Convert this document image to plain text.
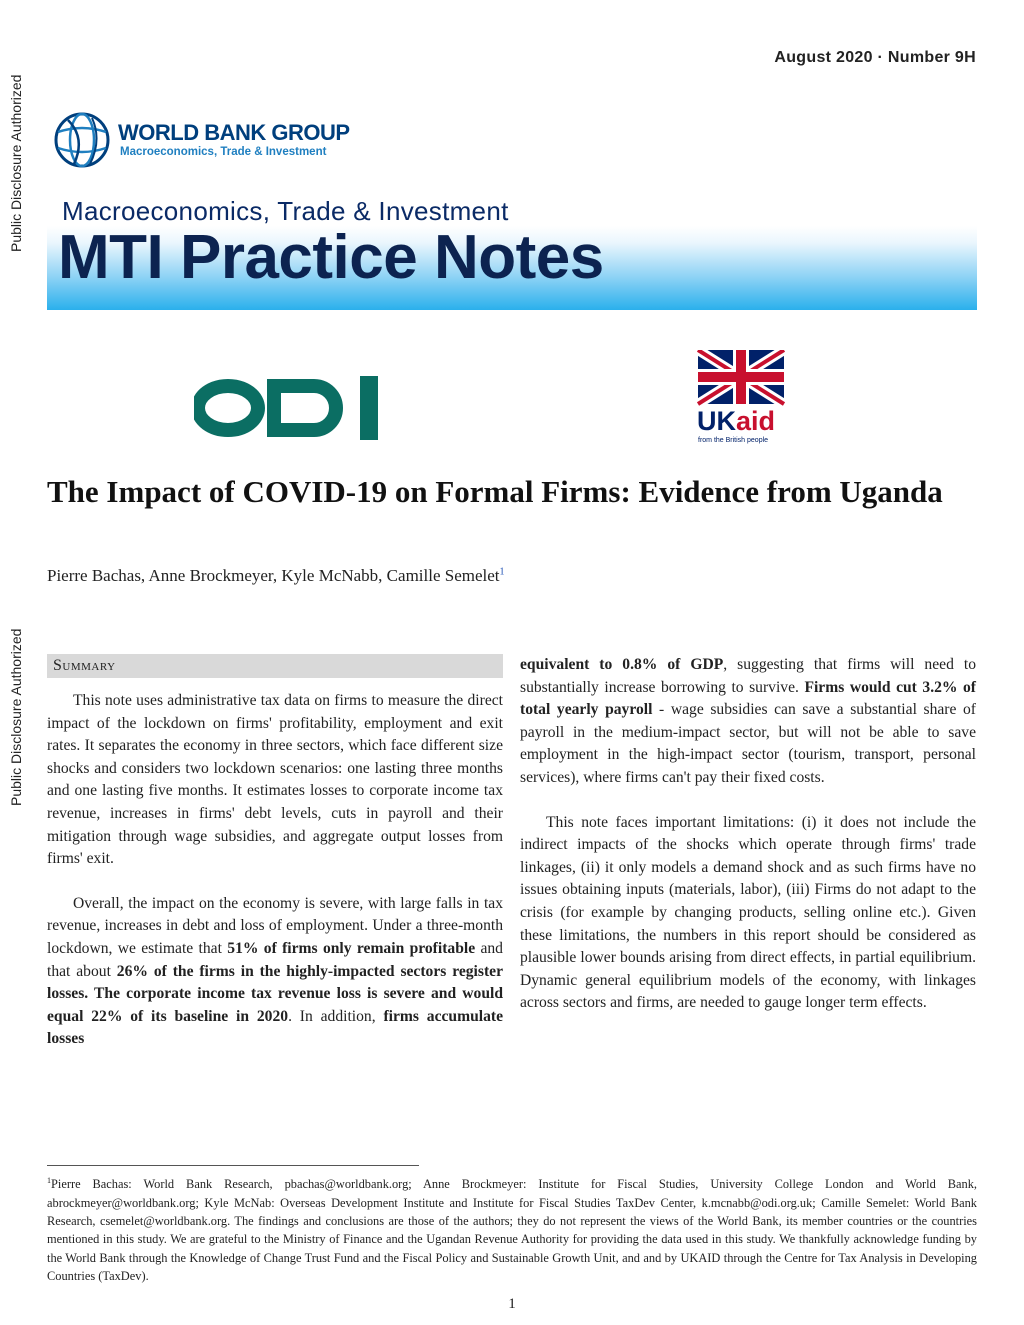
Public Disclosure Authorized
Public Disclosure Authorized
August 2020 · Number 9H
WORLD BANK GROUP
Macroeconomics, Trade & Investment
Macroeconomics, Trade & Investment
MTI Practice Notes
UK aid
from the British people
The Impact of COVID-19 on Formal Firms: Evidence from Uganda
Pierre Bachas, Anne Brockmeyer, Kyle McNabb, Camille Semelet$^1$
Summary

This note uses administrative tax data on firms to measure the direct impact of the lockdown on firms' profitability, employment and exit rates. It separates the economy in three sectors, which face different size shocks and considers two lockdown scenarios: one lasting three months and one lasting five months. It estimates losses to corporate income tax revenue, increases in firms' debt levels, cuts in payroll and their mitigation through wage subsidies, and aggregate output losses from firms' exit.

Overall, the impact on the economy is severe, with large falls in tax revenue, increases in debt and loss of employment. Under a three-month lockdown, we estimate that 51% of firms only remain profitable and that about 26% of the firms in the highly-impacted sectors register losses. The corporate income tax revenue loss is severe and would equal 22% of its baseline in 2020. In addition, firms accumulate losses

equivalent to 0.8% of GDP, suggesting that firms will need to substantially increase borrowing to survive. Firms would cut 3.2% of total yearly payroll - wage subsidies can save a substantial share of payroll in the medium-impact sector, but will not be able to save employment in the high-impact sector (tourism, transport, personal services), where firms can't pay their fixed costs.

This note faces important limitations: (i) it does not include the indirect impacts of the shocks which operate through firms' trade linkages, (ii) it only models a demand shock and as such firms have no issues obtaining inputs (materials, labor), (iii) Firms do not adapt to the crisis (for example by changing products, selling online etc.). Given these limitations, the numbers in this report should be considered as plausible lower bounds arising from direct effects, in partial equilibrium. Dynamic general equilibrium models of the economy, with linkages across sectors and firms, are needed to gauge longer term effects.

$^1$Pierre Bachas: World Bank Research, pbachas@worldbank.org; Anne Brockmeyer: Institute for Fiscal Studies, University College London and World Bank, abrockmeyer@worldbank.org; Kyle McNab: Overseas Development Institute and Institute for Fiscal Studies TaxDev Center, k.mcnabb@odi.org.uk; Camille Semelet: World Bank Research, csemelet@worldbank.org. The findings and conclusions are those of the authors; they do not represent the views of the World Bank, its member countries or the countries mentioned in this study. We are grateful to the Ministry of Finance and the Ugandan Revenue Authority for providing the data used in this study. We thankfully acknowledge funding by the World Bank through the Knowledge of Change Trust Fund and the Fiscal Policy and Sustainable Growth Unit, and and by UKAID through the Centre for Tax Analysis in Developing Countries (TaxDev).
1
